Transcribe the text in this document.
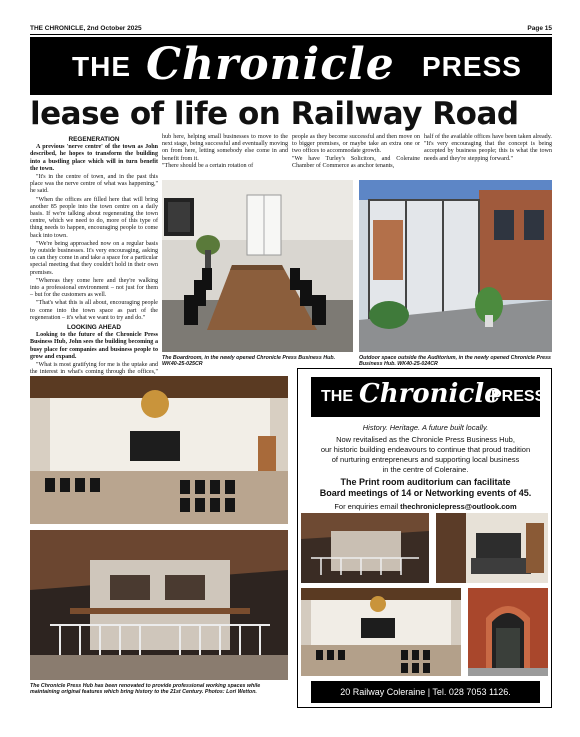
THE CHRONICLE, 2nd October 2025	Page 15
THE Chronicle PRESS
lease of life on Railway Road
REGENERATION

A previous 'nerve centre' of the town as John described, he hopes to transform the building into a bustling place which will in turn benefit the town.

"It's in the centre of town, and in the past this place was the nerve centre of what was happening," he said.

"When the offices are filled here that will bring another 85 people into the town centre on a daily basis. If we're talking about regenerating the town centre, which we need to do, more of this type of thing needs to happen, encouraging people to come back into town.

"We're being approached now on a regular basis by outside businesses. It's very encouraging, asking us can they come in and take a space for a particular special meeting that they couldn't hold in their own premises.

"Whereas they come here and they're walking into a professional environment – not just for them – but for the customers as well.

"That's what this is all about, encouraging people to come into the town space as part of the regeneration – it's what we want to try and do."

LOOKING AHEAD

Looking to the future of the Chronicle Press Business Hub, John sees the building becoming a busy place for companies and business people to grow and expand.

"What is most gratifying for me is the uptake and the interest in what's coming through the offices,"

hub here, helping small businesses to move to the next stage, being successful and eventually moving on from here, letting somebody else come in and benefit from it.
"There should be a certain rotation of
people as they become successful and then move on to bigger premises, or maybe take an extra one or two offices to accommodate growth.
"We have Turley's Solicitors, and Coleraine Chamber of Commerce as anchor tenants,
half of the available offices have been taken already.
"It's very encouraging that the concept is being accepted by business people; this is what the town needs and they're stepping forward."
The Boardroom, in the newly opened Chronicle Press Business Hub. WK40-25-025CR
Outdoor space outside the Auditorium, in the newly opened Chronicle Press Business Hub. WK40-25-024CR
The Chronicle Press Hub has been renovated to provide professional working spaces while maintaining original features which bring history to the 21st Century. Photos: Lori Wetton.
THE Chronicle
PRESS
History. Heritage. A future built locally.
Now revitalised as the Chronicle Press Business Hub,
our historic building endeavours to continue that proud tradition
of nurturing entrepreneurs and supporting local business
in the centre of Coleraine.
The Print room auditorium can facilitate
Board meetings of 14 or Networking events of 45.
For enquiries email thechroniclepress@outlook.com
20 Railway Coleraine | Tel. 028 7053 1126.
